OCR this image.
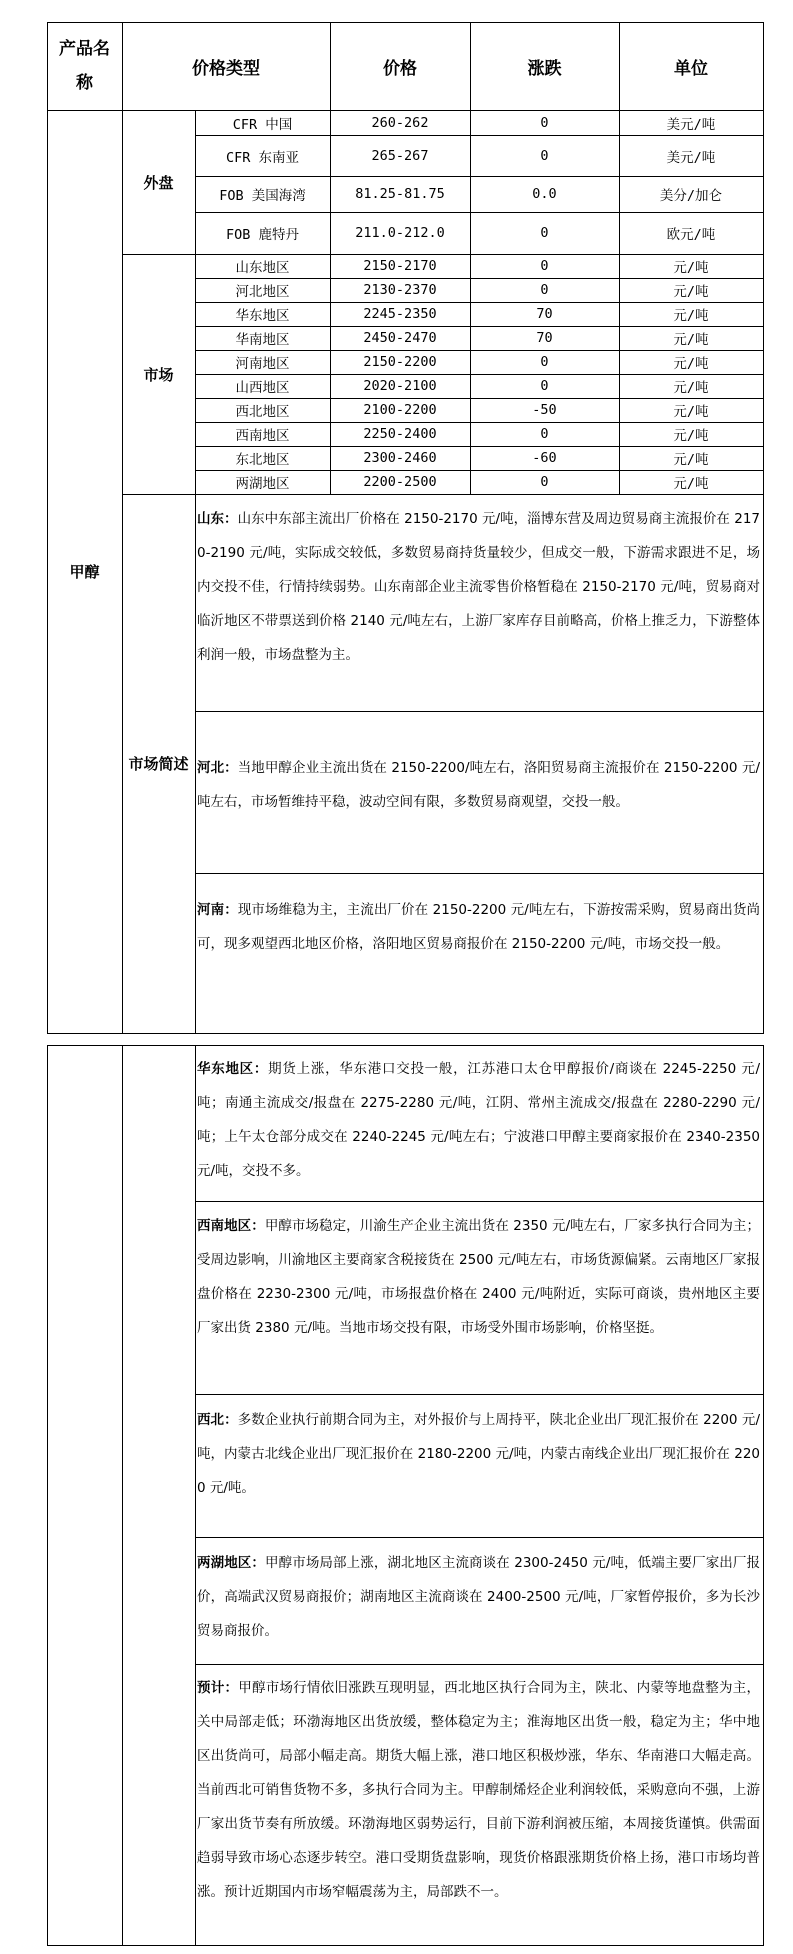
产品名称
价格类型	价格	涨跌	单位
甲醇
外盘
市场
市场简述
CFR 中国	260-262	0	美元/吨
CFR 东南亚	265-267	0	美元/吨
FOB 美国海湾	81.25-81.75	0.0	美分/加仑
FOB 鹿特丹	211.0-212.0	0	欧元/吨
山东地区	2150-2170	0	元/吨
河北地区	2130-2370	0	元/吨
华东地区	2245-2350	70	元/吨
华南地区	2450-2470	70	元/吨
河南地区	2150-2200	0	元/吨
山西地区	2020-2100	0	元/吨
西北地区	2100-2200	-50	元/吨
西南地区	2250-2400	0	元/吨
东北地区	2300-2460	-60	元/吨
两湖地区	2200-2500	0	元/吨
山东：山东中东部主流出厂价格在 2150-2170 元/吨，淄博东营及周边贸易商主流报价在 2170-2190 元/吨，实际成交较低，多数贸易商持货量较少，但成交一般，下游需求跟进不足，场内交投不佳，行情持续弱势。山东南部企业主流零售价格暂稳在 2150-2170 元/吨，贸易商对临沂地区不带票送到价格 2140 元/吨左右，上游厂家库存目前略高，价格上推乏力，下游整体利润一般，市场盘整为主。
河北：当地甲醇企业主流出货在 2150-2200/吨左右，洛阳贸易商主流报价在 2150-2200 元/吨左右，市场暂维持平稳，波动空间有限，多数贸易商观望，交投一般。
河南：现市场维稳为主，主流出厂价在 2150-2200 元/吨左右，下游按需采购，贸易商出货尚可，现多观望西北地区价格，洛阳地区贸易商报价在 2150-2200 元/吨，市场交投一般。
华东地区：期货上涨，华东港口交投一般，江苏港口太仓甲醇报价/商谈在 2245-2250 元/吨；南通主流成交/报盘在 2275-2280 元/吨，江阴、常州主流成交/报盘在 2280-2290 元/吨；上午太仓部分成交在 2240-2245 元/吨左右；宁波港口甲醇主要商家报价在 2340-2350 元/吨，交投不多。
西南地区：甲醇市场稳定，川渝生产企业主流出货在 2350 元/吨左右，厂家多执行合同为主；受周边影响，川渝地区主要商家含税接货在 2500 元/吨左右，市场货源偏紧。云南地区厂家报盘价格在 2230-2300 元/吨，市场报盘价格在 2400 元/吨附近，实际可商谈，贵州地区主要厂家出货 2380 元/吨。当地市场交投有限，市场受外围市场影响，价格坚挺。
西北：多数企业执行前期合同为主，对外报价与上周持平，陕北企业出厂现汇报价在 2200 元/吨，内蒙古北线企业出厂现汇报价在 2180-2200 元/吨，内蒙古南线企业出厂现汇报价在 2200 元/吨。
两湖地区：甲醇市场局部上涨，湖北地区主流商谈在 2300-2450 元/吨，低端主要厂家出厂报价，高端武汉贸易商报价；湖南地区主流商谈在 2400-2500 元/吨，厂家暂停报价，多为长沙贸易商报价。
预计：甲醇市场行情依旧涨跌互现明显，西北地区执行合同为主，陕北、内蒙等地盘整为主，关中局部走低；环渤海地区出货放缓，整体稳定为主；淮海地区出货一般，稳定为主；华中地区出货尚可，局部小幅走高。期货大幅上涨，港口地区积极炒涨，华东、华南港口大幅走高。当前西北可销售货物不多，多执行合同为主。甲醇制烯烃企业利润较低，采购意向不强，上游厂家出货节奏有所放缓。环渤海地区弱势运行，目前下游利润被压缩，本周接货谨慎。供需面趋弱导致市场心态逐步转空。港口受期货盘影响，现货价格跟涨期货价格上扬，港口市场均普涨。预计近期国内市场窄幅震荡为主，局部跌不一。
